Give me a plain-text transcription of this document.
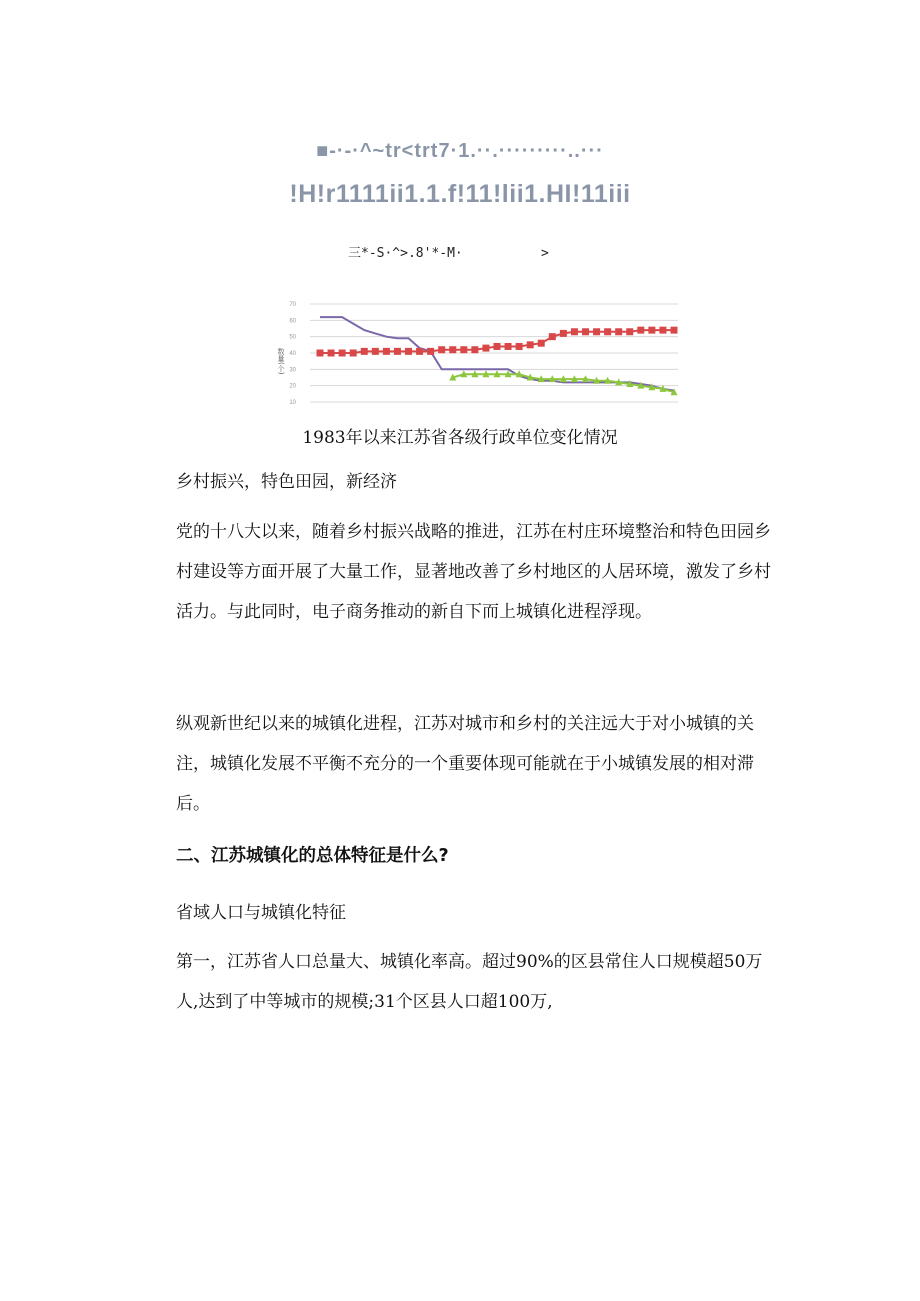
■-·-·^~tr<trt7·1.··.·········..···
!H!r1111ii1.1.f!11!lii1.HI!11iii
三*-S·^>.8'*-M·          >
10
20
30
40
50
60
70
数量(个)
1983年以来江苏省各级行政单位变化情况

乡村振兴，特色田园，新经济

党的十八大以来，随着乡村振兴战略的推进，江苏在村庄环境整治和特色田园乡村建设等方面开展了大量工作，显著地改善了乡村地区的人居环境，激发了乡村活力。与此同时，电子商务推动的新自下而上城镇化进程浮现。

纵观新世纪以来的城镇化进程，江苏对城市和乡村的关注远大于对小城镇的关注，城镇化发展不平衡不充分的一个重要体现可能就在于小城镇发展的相对滞后。

二、江苏城镇化的总体特征是什么?

省域人口与城镇化特征

第一，江苏省人口总量大、城镇化率高。超过90%的区县常住人口规模超50万人,达到了中等城市的规模;31个区县人口超100万,
